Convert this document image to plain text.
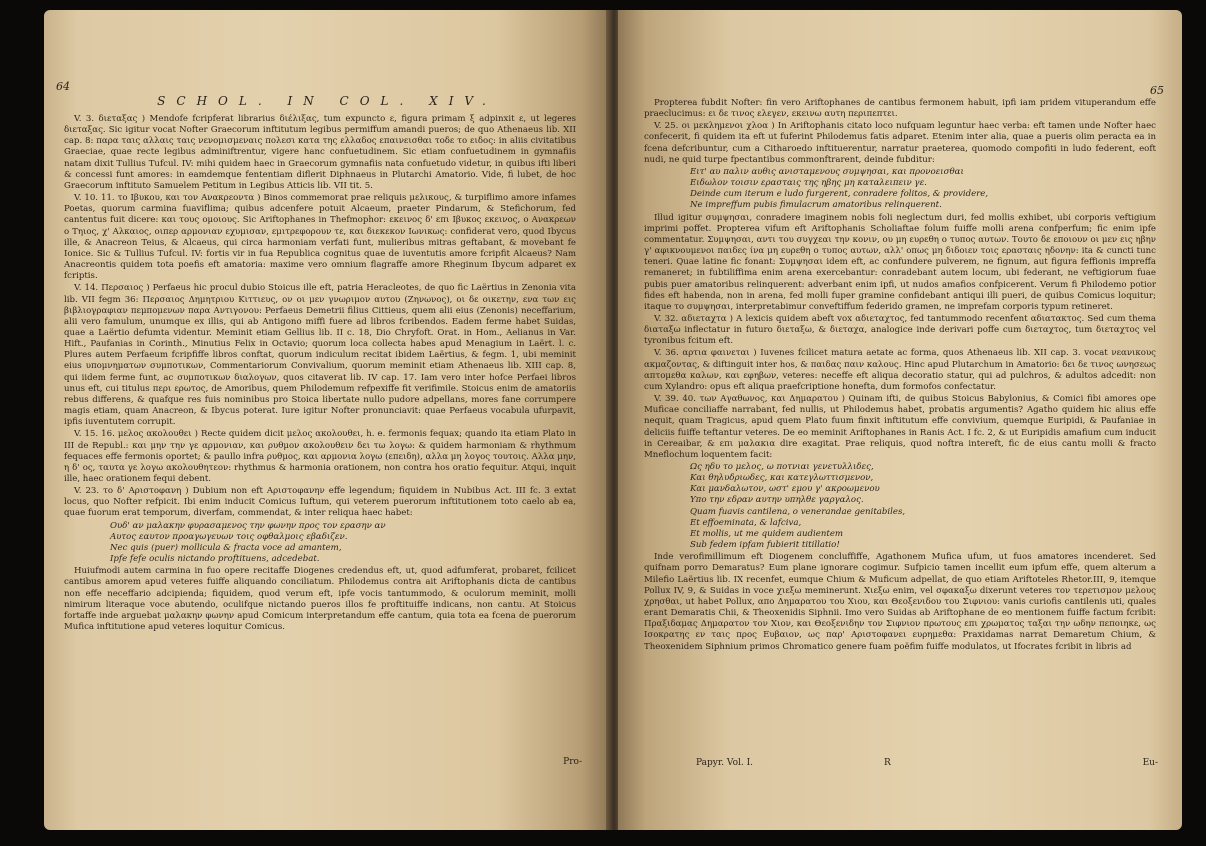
64
SCHOL. IN COL. XIV.

V. 3. διεταξας ) Mendofe fcripferat librarius διέλιξας, tum expuncto ε, figura primam ξ adpinxit ε, ut legeres διεταξας. Sic igitur vocat Nofter Graecorum inftitutum legibus permiffum amandi pueros; de quo Athenaeus lib. XII cap. 8: παρα ταις αλλαις ταις νενομισμεναις πολεσι κατα της ελλαδος επαινεισθαι τοδε το ειδος: in aliis civitatibus Graeciae, quae recte legibus adminiftrentur, vigere hanc confuetudinem. Sic etiam confuetudinem in gymnafiis natam dixit Tullius Tufcul. IV: mihi quidem haec in Graecorum gymnafiis nata confuetudo videtur, in quibus ifti liberi & concessi funt amores: in eamdemque fententiam diflerit Diphnaeus in Plutarchi Amatorio. Vide, fi lubet, de hoc Graecorum inftituto Samuelem Petitum in Legibus Atticis lib. VII tit. 5.

V. 10. 11. το Ιβυκου, και τον Ανακρεοντα ) Binos commemorat prae reliquis μελικους, & turpiflimo amore infames Poetas, quorum carmina fuaviflima; quibus adcenfere potuit Alcaeum, praeter Pindarum, & Stefichorum, fed cantentus fuit dicere: και τους ομοιους. Sic Ariftophanes in Thefmophor: εκεινος δ' επι Ιβυκος εκεινος, ο Ανακρεων ο Τηιος, χ' Αλκαιος, οιπερ αρμονιαν εχυμισαν, εμιτρεφορουν τε, και διεκεκον Ιωνικως: confiderat vero, quod Ibycus ille, & Anacreon Teius, & Alcaeus, qui circa harmoniam verfati funt, mulieribus mitras geftabant, & movebant fe Ionice. Sic & Tullius Tufcul. IV: fortis vir in fua Republica cognitus quae de iuventutis amore fcripfit Alcaeus? Nam Anacreontis quidem tota poefis eft amatoria: maxime vero omnium flagraffe amore Rheginum Ibycum adparet ex fcriptis.

V. 14. Περσαιος ) Perfaeus hic procul dubio Stoicus ille eft, patria Heracleotes, de quo fic Laërtius in Zenonia vita lib. VII fegm 36: Περσαιος Δημητριου Κιττιευς, ον οι μεν γνωριμον αυτου (Ζηνωνος), οι δε οικετην, ενα των εις βιβλιογραφιαν πεμπομενων παρα Αντιγονου: Perfaeus Demetrii filius Cittieus, quem alii eius (Zenonis) neceffarium, alii vero famulum, unumque ex illis, qui ab Antigono miffi fuere ad libros fcribendos. Eadem ferme habet Suidas, quae a Laërtio defumta videntur. Meminit etiam Gellius lib. II c. 18, Dio Chryfoft. Orat. in Hom., Aelianus in Var. Hift., Paufanias in Corinth., Minutius Felix in Octavio; quorum loca collecta habes apud Menagium in Laërt. l. c. Plures autem Perfaeum fcripfiffe libros conftat, quorum indiculum recitat ibidem Laërtius, & fegm. 1, ubi meminit eius υπομνηματων συμποτικων, Commentariorum Convivalium, quorum meminit etiam Athenaeus lib. XIII cap. 8, qui iidem ferme funt, ac συμποτικων διαλογων, quos citaverat lib. IV cap. 17. Iam vero inter hofce Perfaei libros unus eft, cui titulus περι ερωτος, de Amoribus, quem Philodemum refpexiffe fit verifimile. Stoicus enim de amatoriis rebus differens, & quafque res fuis nominibus pro Stoica libertate nullo pudore adpellans, mores fane corrumpere magis etiam, quam Anacreon, & Ibycus poterat. Iure igitur Nofter pronunciavit: quae Perfaeus vocabula ufurpavit, ipfis iuventutem corrupit.

V. 15. 16. μελος ακολουθει ) Recte quidem dicit μελος ακολουθει, h. e. fermonis fequax; quando ita etiam Plato in III de Republ.: και μην την γε αρμονιαν, και ρυθμον ακολουθειν δει τω λογω: & quidem harmoniam & rhythmum fequaces effe fermonis oportet; & paullo infra ρυθμος, και αρμονια λογω (επειδη), αλλα μη λογος τουτοις. Αλλα μην, η δ' ος, ταυτα γε λογω ακολουθητεον: rhythmus & harmonia orationem, non contra hos oratio fequitur. Atqui, inquit ille, haec orationem fequi debent.

V. 23. το δ' Αριστοφανη ) Dubium non eft Αριστοφανην effe legendum; fiquidem in Nubibus Act. III fc. 3 extat locus, quo Nofter refpicit. Ibi enim inducit Comicus Iuftum, qui veterem puerorum inftitutionem toto caelo ab ea, quae fuorum erat temporum, diverfam, commendat, & inter reliqua haec habet:

Ουδ' αν μαλακην φυρασαμενος την φωνην προς τον ερασην αν
Αυτος εαυτον προαγωγευων τοις οφθαλμοις εβαδιζεν.
Nec quis (puer) mollicula & fracta voce ad amantem,
Ipfe fefe oculis nictando proftituens, adcedebat.

Huiufmodi autem carmina in fuo opere recitaffe Diogenes credendus eft, ut, quod adfumferat, probaret, fcilicet cantibus amorem apud veteres fuiffe aliquando conciliatum. Philodemus contra ait Ariftophanis dicta de cantibus non effe neceffario adcipienda; fiquidem, quod verum eft, ipfe vocis tantummodo, & oculorum meminit, molli nimirum literaque voce abutendo, oculifque nictando pueros illos fe proftituiffe indicans, non cantu. At Stoicus fortaffe inde arguebat μαλακην φωνην apud Comicum interpretandum effe cantum, quia tota ea fcena de puerorum Mufica inftitutione apud veteres loquitur Comicus.

Pro-
65

Propterea fubdit Nofter: fin vero Ariftophanes de cantibus fermonem habuit, ipfi iam pridem vituperandum effe praeclucimus: ει δε τινος ελεγεν, εκεινω αυτη περιπεπτει.

V. 25. οι μεκλημενοι χλοα ) In Ariftophanis citato loco nufquam leguntur haec verba: eft tamen unde Nofter haec confecerit, fi quidem ita eft ut fuferint Philodemus fatis adparet. Etenim inter alia, quae a pueris olim peracta ea in fcena defcribuntur, cum a Citharoedo inftituerentur, narratur praeterea, quomodo compofiti in ludo federent, eoft nudi, ne quid turpe fpectantibus commonftrarent, deinde fubditur:

Ειτ' αυ παλιν αυθις ανισταμενους συμψησαι, και προνοεισθαι
Ειδωλον τοισιν ερασταις της ηβης μη καταλειπειν γε.
Deinde cum iterum e ludo furgerent, conradere folitos, & providere,
Ne impreffum pubis fimulacrum amatoribus relinquerent.

Illud igitur συμψησαι, conradere imaginem nobis foli neglectum duri, fed mollis exhibet, ubi corporis veftigium imprimi poffet. Propterea vifum eft Ariftophanis Scholiaftae folum fuiffe molli arena confperfum; fic enim ipfe commentatur. Συμψησαι, αντι του συγχεαι την κονιν, ου μη ευρεθη ο τυπος αυτων. Τουτο δε εποιουν οι μεν εις ηβην γ' αφικνουμενοι παιδες ίνα μη ευρεθη ο τυπος αυτων, αλλ' οπως μη διδοιεν τοις ερασταις ηδονην: ita & cuncti tunc teneri. Quae latine fic fonant: Συμψησαι idem eft, ac confundere pulverem, ne fignum, aut figura feffionis impreffa remaneret; in fubtiliffima enim arena exercebantur: conradebant autem locum, ubi federant, ne veftigiorum fuae pubis puer amatoribus relinquerent: adverbant enim ipfi, ut nudos amafios confpicerent. Verum fi Philodemo potior fides eft habenda, non in arena, fed molli fuper gramine confidebant antiqui illi pueri, de quibus Comicus loquitur; itaque το συμψησαι, interpretabimur conveftiffum federido gramen, ne imprefam corporis typum retineret.

V. 32. αδιεταχτα ) A lexicis quidem abeft vox αδιεταχτος, fed tantummodo recenfent αδιατακτος. Sed cum thema διαταξω inflectatur in futuro διεταξω, & διεταχα, analogice inde derivari poffe cum διεταχτος, tum διεταχτος vel tyronibus fcitum eft.

V. 36. αρτια φαινεται ) Iuvenes fcilicet matura aetate ac forma, quos Athenaeus lib. XII cap. 3. vocat νεανικους ακμαζοντας, & diftinguit inter hos, & παιδας παιν καλους. Hinc apud Plutarchum in Amatorio: δει δε τινος ωνησεως απτομεθα καλων, και εφηβων, veteres: neceffe eft aliqua decoratio statur, qui ad pulchros, & adultos adcedit: non cum Xylandro: opus eft aliqua praefcriptione honefta, dum formofos confectatur.

V. 39. 40. των Αγαθωνος, και Δημαρατου ) Quinam ifti, de quibus Stoicus Babylonius, & Comici fibi amores ope Muficae conciliaffe narrabant, fed nullis, ut Philodemus habet, probatis argumentis? Agatho quidem hic alius effe nequit, quam Tragicus, apud quem Plato fuum finxit inftitutum effe convivium, quemque Euripidi, & Paufaniae in deliciis fuiffe teftantur veteres. De eo meminit Ariftophanes in Ranis Act. I fc. 2, & ut Euripidis amafium cum inducit in Cereaibar, & επι μαλακια dire exagitat. Prae reliquis, quod noftra intereft, fic de eius cantu molli & fracto Mneflochum loquentem facit:

Ως ηδυ το μελος, ω ποτνιαι γενετυλλιδες,
Και θηλυδριωδες, και κατεγλωττισμενον,
Και μανδαλωτον, ωστ' εμου γ' ακροωμενου
Υπο την εδραν αυτην υπηλθε γαργαλος.
Quam fuavis cantilena, o venerandae genitabiles,
Et effoeminata, & lafciva,
Et mollis, ut me quidem audientem
Sub fedem ipfam fubierit titillatio!

Inde verofimillimum eft Diogenem concluffiffe, Agathonem Mufica ufum, ut fuos amatores incenderet. Sed quifnam porro Demaratus? Eum plane ignorare cogimur. Sufpicio tamen incellit eum ipfum effe, quem alterum a Milefio Laërtius lib. IX recenfet, eumque Chium & Muficum adpellat, de quo etiam Ariftoteles Rhetor.III, 9, itemque Pollux IV, 9, & Suidas in voce χιεξω meminerunt. Χιεξω enim, vel σφακαξω dixerunt veteres τον τερετισμον μελους χρησθαι, ut habet Pollux, απο Δημαρατου του Χιου, και Θεοξενιδου του Σιφνιου: vanis curiofis cantilenis uti, quales erant Demaratis Chii, & Theoxenidis Siphnii. Imo vero Suidas ab Ariftophane de eo mentionem fuiffe factum fcribit: Πραξιδαμας Δημαρατον τον Χιον, και Θεοξενιδην τον Σιφνιον πρωτους επι χρωματος ταξαι την ωδην πεποιηκε, ως Ισοκρατης εν ταις προς Ευβαιον, ως παρ' Αριστοφανει ευρημεθα: Praxidamas narrat Demaretum Chium, & Theoxenidem Siphnium primos Chromatico genere fuam poëfim fuiffe modulatos, ut Ifocrates fcribit in libris ad

Papyr. Vol. I.	R	Eu-
